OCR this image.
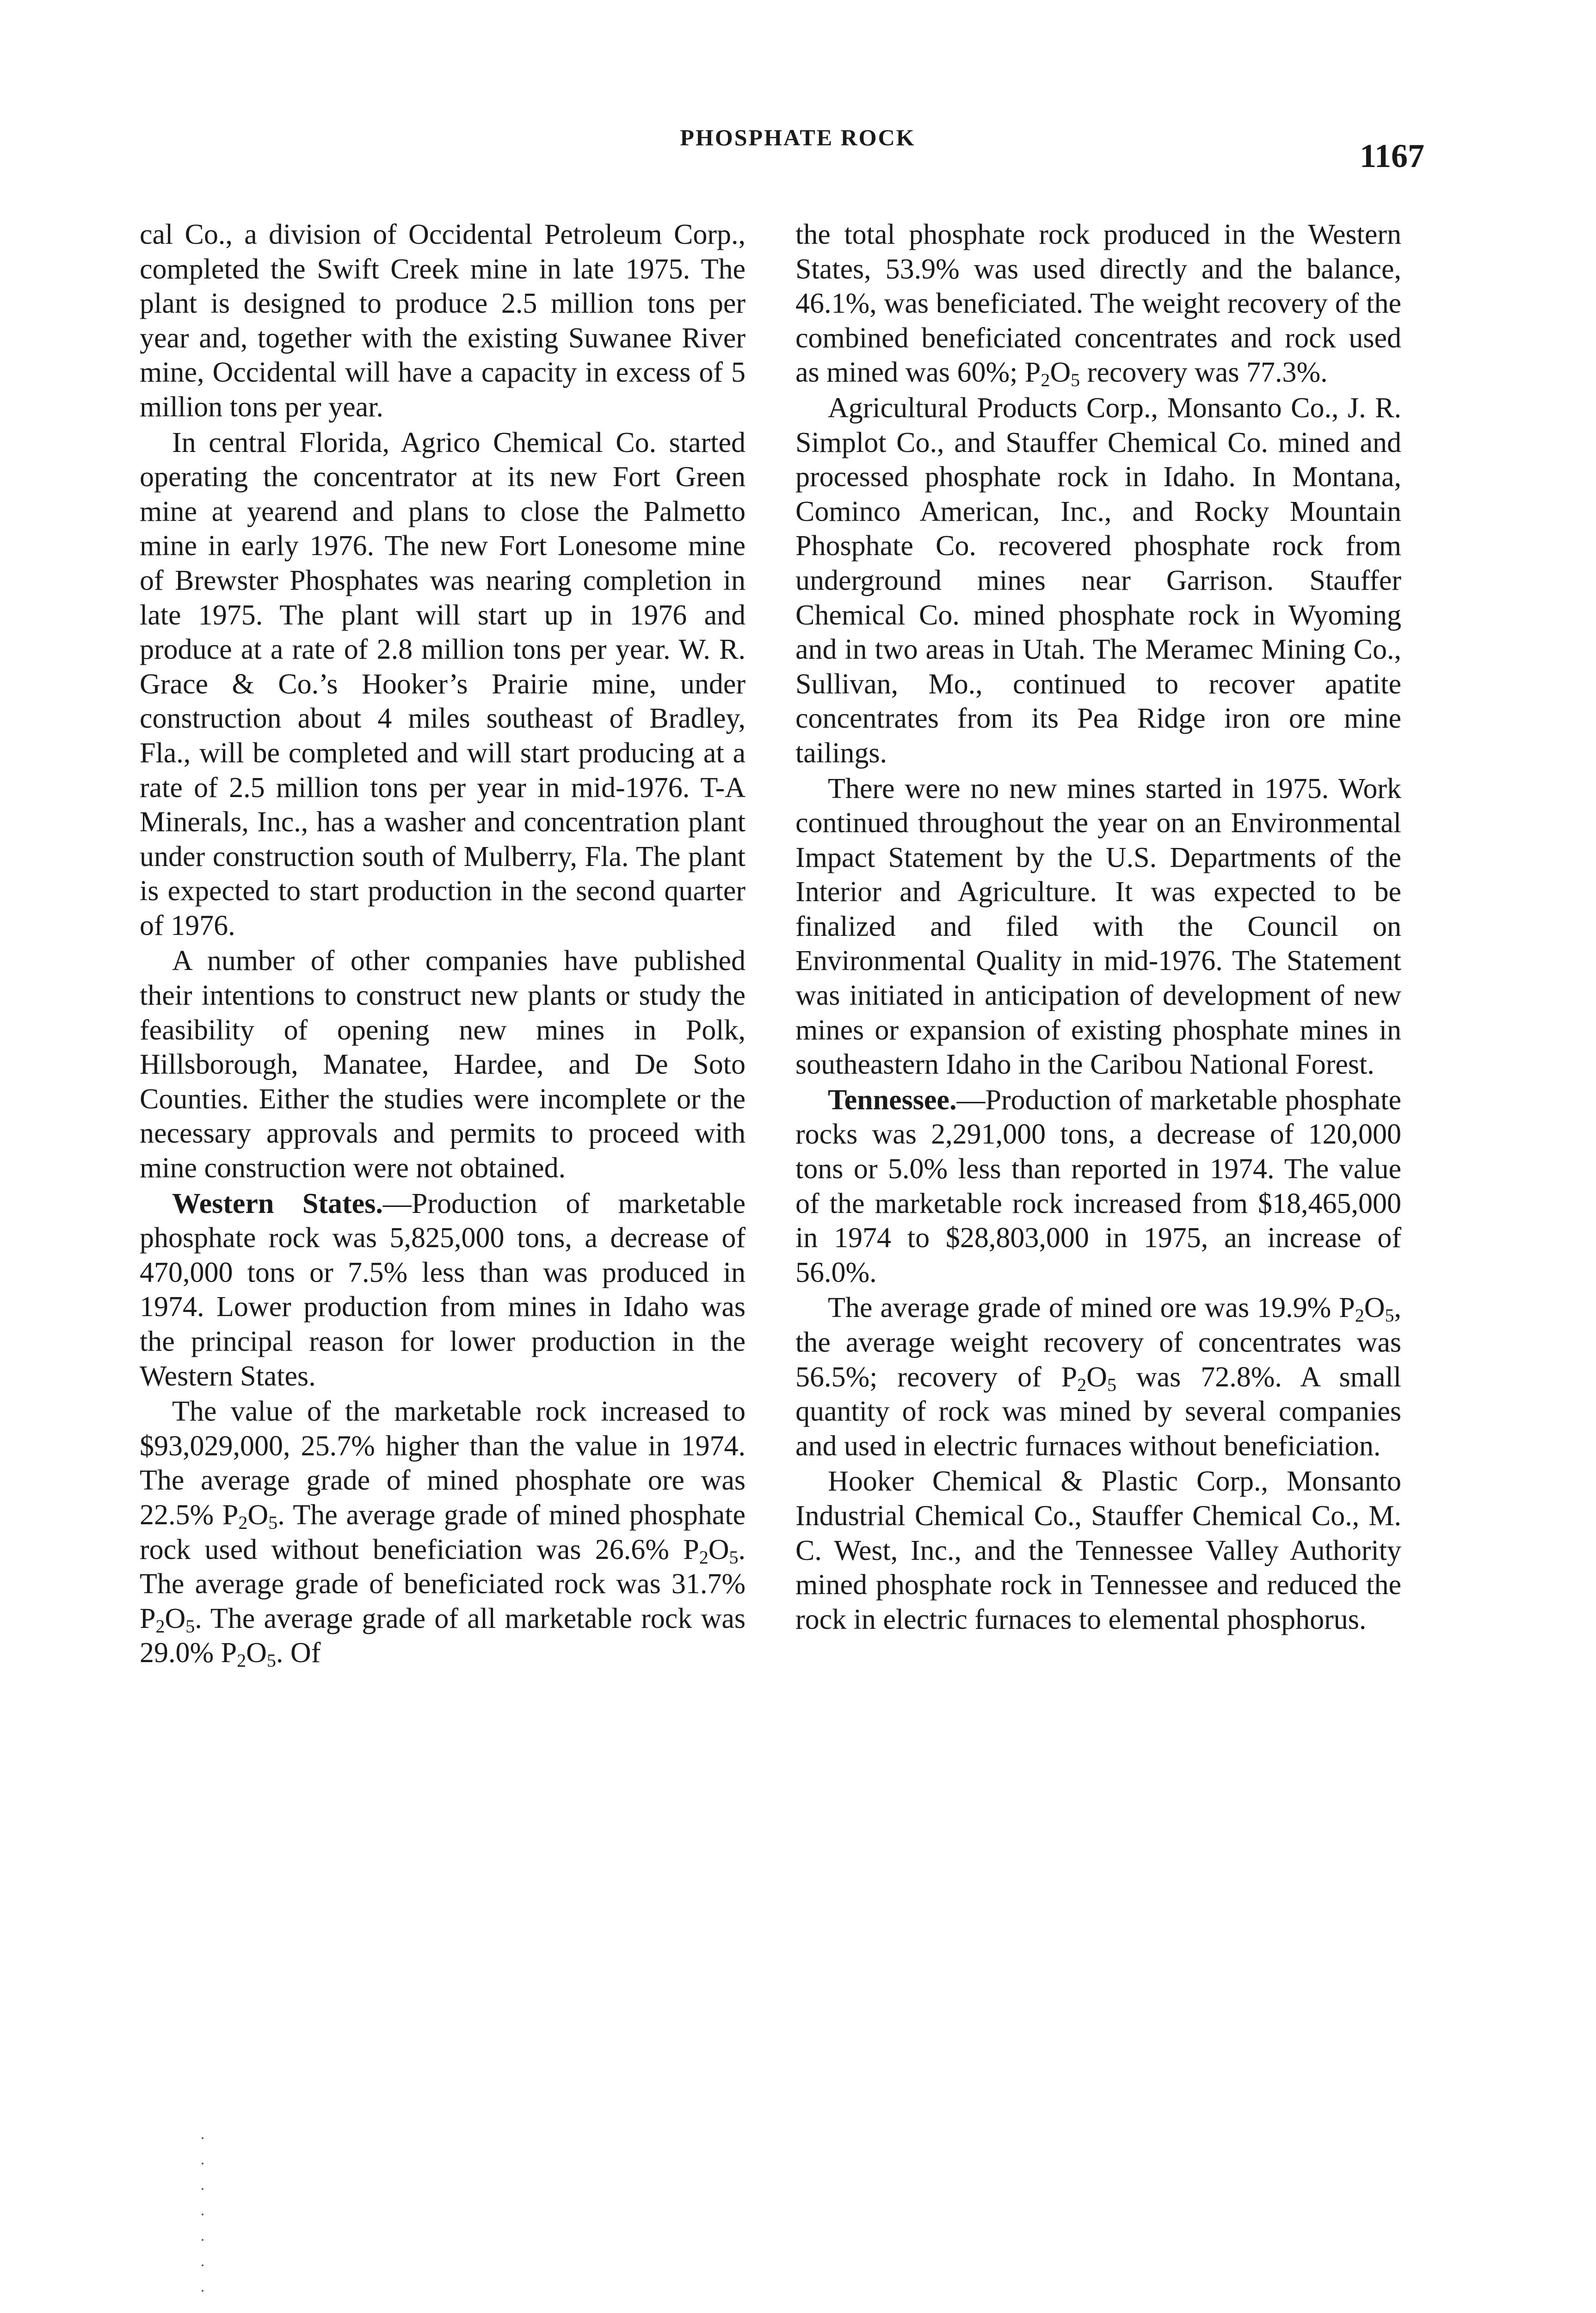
PHOSPHATE ROCK	1167

cal Co., a division of Occidental Petroleum Corp., completed the Swift Creek mine in late 1975. The plant is designed to produce 2.5 million tons per year and, together with the existing Suwanee River mine, Occidental will have a capacity in excess of 5 million tons per year.

In central Florida, Agrico Chemical Co. started operating the concentrator at its new Fort Green mine at yearend and plans to close the Palmetto mine in early 1976. The new Fort Lonesome mine of Brewster Phosphates was nearing completion in late 1975. The plant will start up in 1976 and produce at a rate of 2.8 million tons per year. W. R. Grace & Co.’s Hooker’s Prairie mine, under construction about 4 miles southeast of Bradley, Fla., will be completed and will start producing at a rate of 2.5 million tons per year in mid-1976. T-A Minerals, Inc., has a washer and concentration plant under construction south of Mulberry, Fla. The plant is expected to start production in the second quarter of 1976.

A number of other companies have published their intentions to construct new plants or study the feasibility of opening new mines in Polk, Hillsborough, Manatee, Hardee, and De Soto Counties. Either the studies were incomplete or the necessary approvals and permits to proceed with mine construction were not obtained.

Western States.—Production of marketable phosphate rock was 5,825,000 tons, a decrease of 470,000 tons or 7.5% less than was produced in 1974. Lower production from mines in Idaho was the principal reason for lower production in the Western States.

The value of the marketable rock increased to $93,029,000, 25.7% higher than the value in 1974. The average grade of mined phosphate ore was 22.5% $P_2O_5$. The average grade of mined phosphate rock used without beneficiation was 26.6% $P_2O_5$. The average grade of beneficiated rock was 31.7% $P_2O_5$. The average grade of all marketable rock was 29.0% $P_2O_5$. Of

the total phosphate rock produced in the Western States, 53.9% was used directly and the balance, 46.1%, was beneficiated. The weight recovery of the combined beneficiated concentrates and rock used as mined was 60%; $P_2O_5$ recovery was 77.3%.

Agricultural Products Corp., Monsanto Co., J. R. Simplot Co., and Stauffer Chemical Co. mined and processed phosphate rock in Idaho. In Montana, Cominco American, Inc., and Rocky Mountain Phosphate Co. recovered phosphate rock from underground mines near Garrison. Stauffer Chemical Co. mined phosphate rock in Wyoming and in two areas in Utah. The Meramec Mining Co., Sullivan, Mo., continued to recover apatite concentrates from its Pea Ridge iron ore mine tailings.

There were no new mines started in 1975. Work continued throughout the year on an Environmental Impact Statement by the U.S. Departments of the Interior and Agriculture. It was expected to be finalized and filed with the Council on Environmental Quality in mid-1976. The Statement was initiated in anticipation of development of new mines or expansion of existing phosphate mines in southeastern Idaho in the Caribou National Forest.

Tennessee.—Production of marketable phosphate rocks was 2,291,000 tons, a decrease of 120,000 tons or 5.0% less than reported in 1974. The value of the marketable rock increased from $18,465,000 in 1974 to $28,803,000 in 1975, an increase of 56.0%.

The average grade of mined ore was 19.9% $P_2O_5$, the average weight recovery of concentrates was 56.5%; recovery of $P_2O_5$ was 72.8%. A small quantity of rock was mined by several companies and used in electric furnaces without beneficiation.

Hooker Chemical & Plastic Corp., Monsanto Industrial Chemical Co., Stauffer Chemical Co., M. C. West, Inc., and the Tennessee Valley Authority mined phosphate rock in Tennessee and reduced the rock in electric furnaces to elemental phosphorus.
